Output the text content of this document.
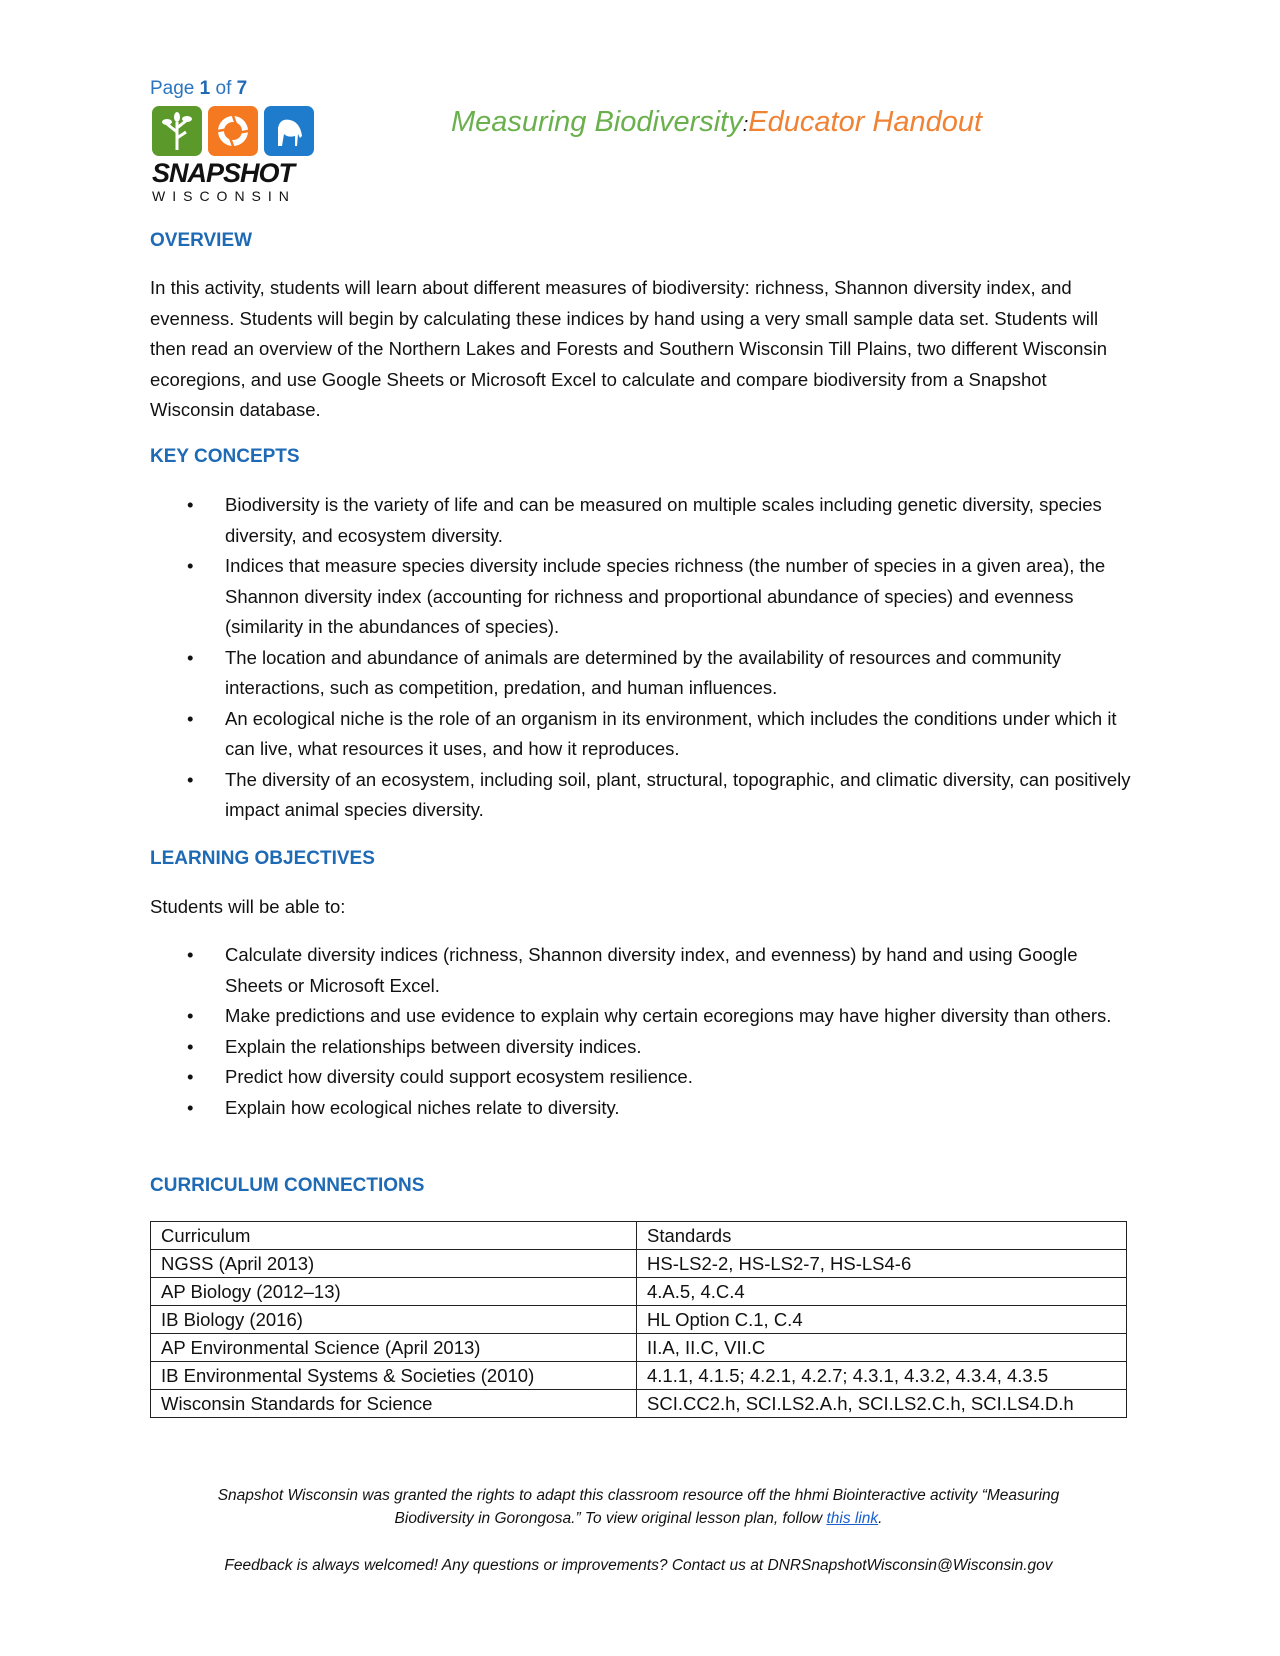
Page 1 of 7
SNAPSHOT
WISCONSIN
Measuring Biodiversity:Educator Handout
OVERVIEW
In this activity, students will learn about different measures of biodiversity: richness, Shannon diversity index, and evenness. Students will begin by calculating these indices by hand using a very small sample data set. Students will then read an overview of the Northern Lakes and Forests and Southern Wisconsin Till Plains, two different Wisconsin ecoregions, and use Google Sheets or Microsoft Excel to calculate and compare biodiversity from a Snapshot Wisconsin database.
KEY CONCEPTS
• Biodiversity is the variety of life and can be measured on multiple scales including genetic diversity, species diversity, and ecosystem diversity.
• Indices that measure species diversity include species richness (the number of species in a given area), the Shannon diversity index (accounting for richness and proportional abundance of species) and evenness (similarity in the abundances of species).
• The location and abundance of animals are determined by the availability of resources and community interactions, such as competition, predation, and human influences.
• An ecological niche is the role of an organism in its environment, which includes the conditions under which it can live, what resources it uses, and how it reproduces.
• The diversity of an ecosystem, including soil, plant, structural, topographic, and climatic diversity, can positively impact animal species diversity.
LEARNING OBJECTIVES
Students will be able to:
• Calculate diversity indices (richness, Shannon diversity index, and evenness) by hand and using Google Sheets or Microsoft Excel.
• Make predictions and use evidence to explain why certain ecoregions may have higher diversity than others.
• Explain the relationships between diversity indices.
• Predict how diversity could support ecosystem resilience.
• Explain how ecological niches relate to diversity.
CURRICULUM CONNECTIONS
Curriculum	Standards
NGSS (April 2013)	HS-LS2-2, HS-LS2-7, HS-LS4-6
AP Biology (2012–13)	4.A.5, 4.C.4
IB Biology (2016)	HL Option C.1, C.4
AP Environmental Science (April 2013)	II.A, II.C, VII.C
IB Environmental Systems & Societies (2010)	4.1.1, 4.1.5; 4.2.1, 4.2.7; 4.3.1, 4.3.2, 4.3.4, 4.3.5
Wisconsin Standards for Science	SCI.CC2.h, SCI.LS2.A.h, SCI.LS2.C.h, SCI.LS4.D.h
Snapshot Wisconsin was granted the rights to adapt this classroom resource off the hhmi Biointeractive activity “Measuring
Biodiversity in Gorongosa.” To view original lesson plan, follow this link.
Feedback is always welcomed! Any questions or improvements? Contact us at DNRSnapshotWisconsin@Wisconsin.gov
